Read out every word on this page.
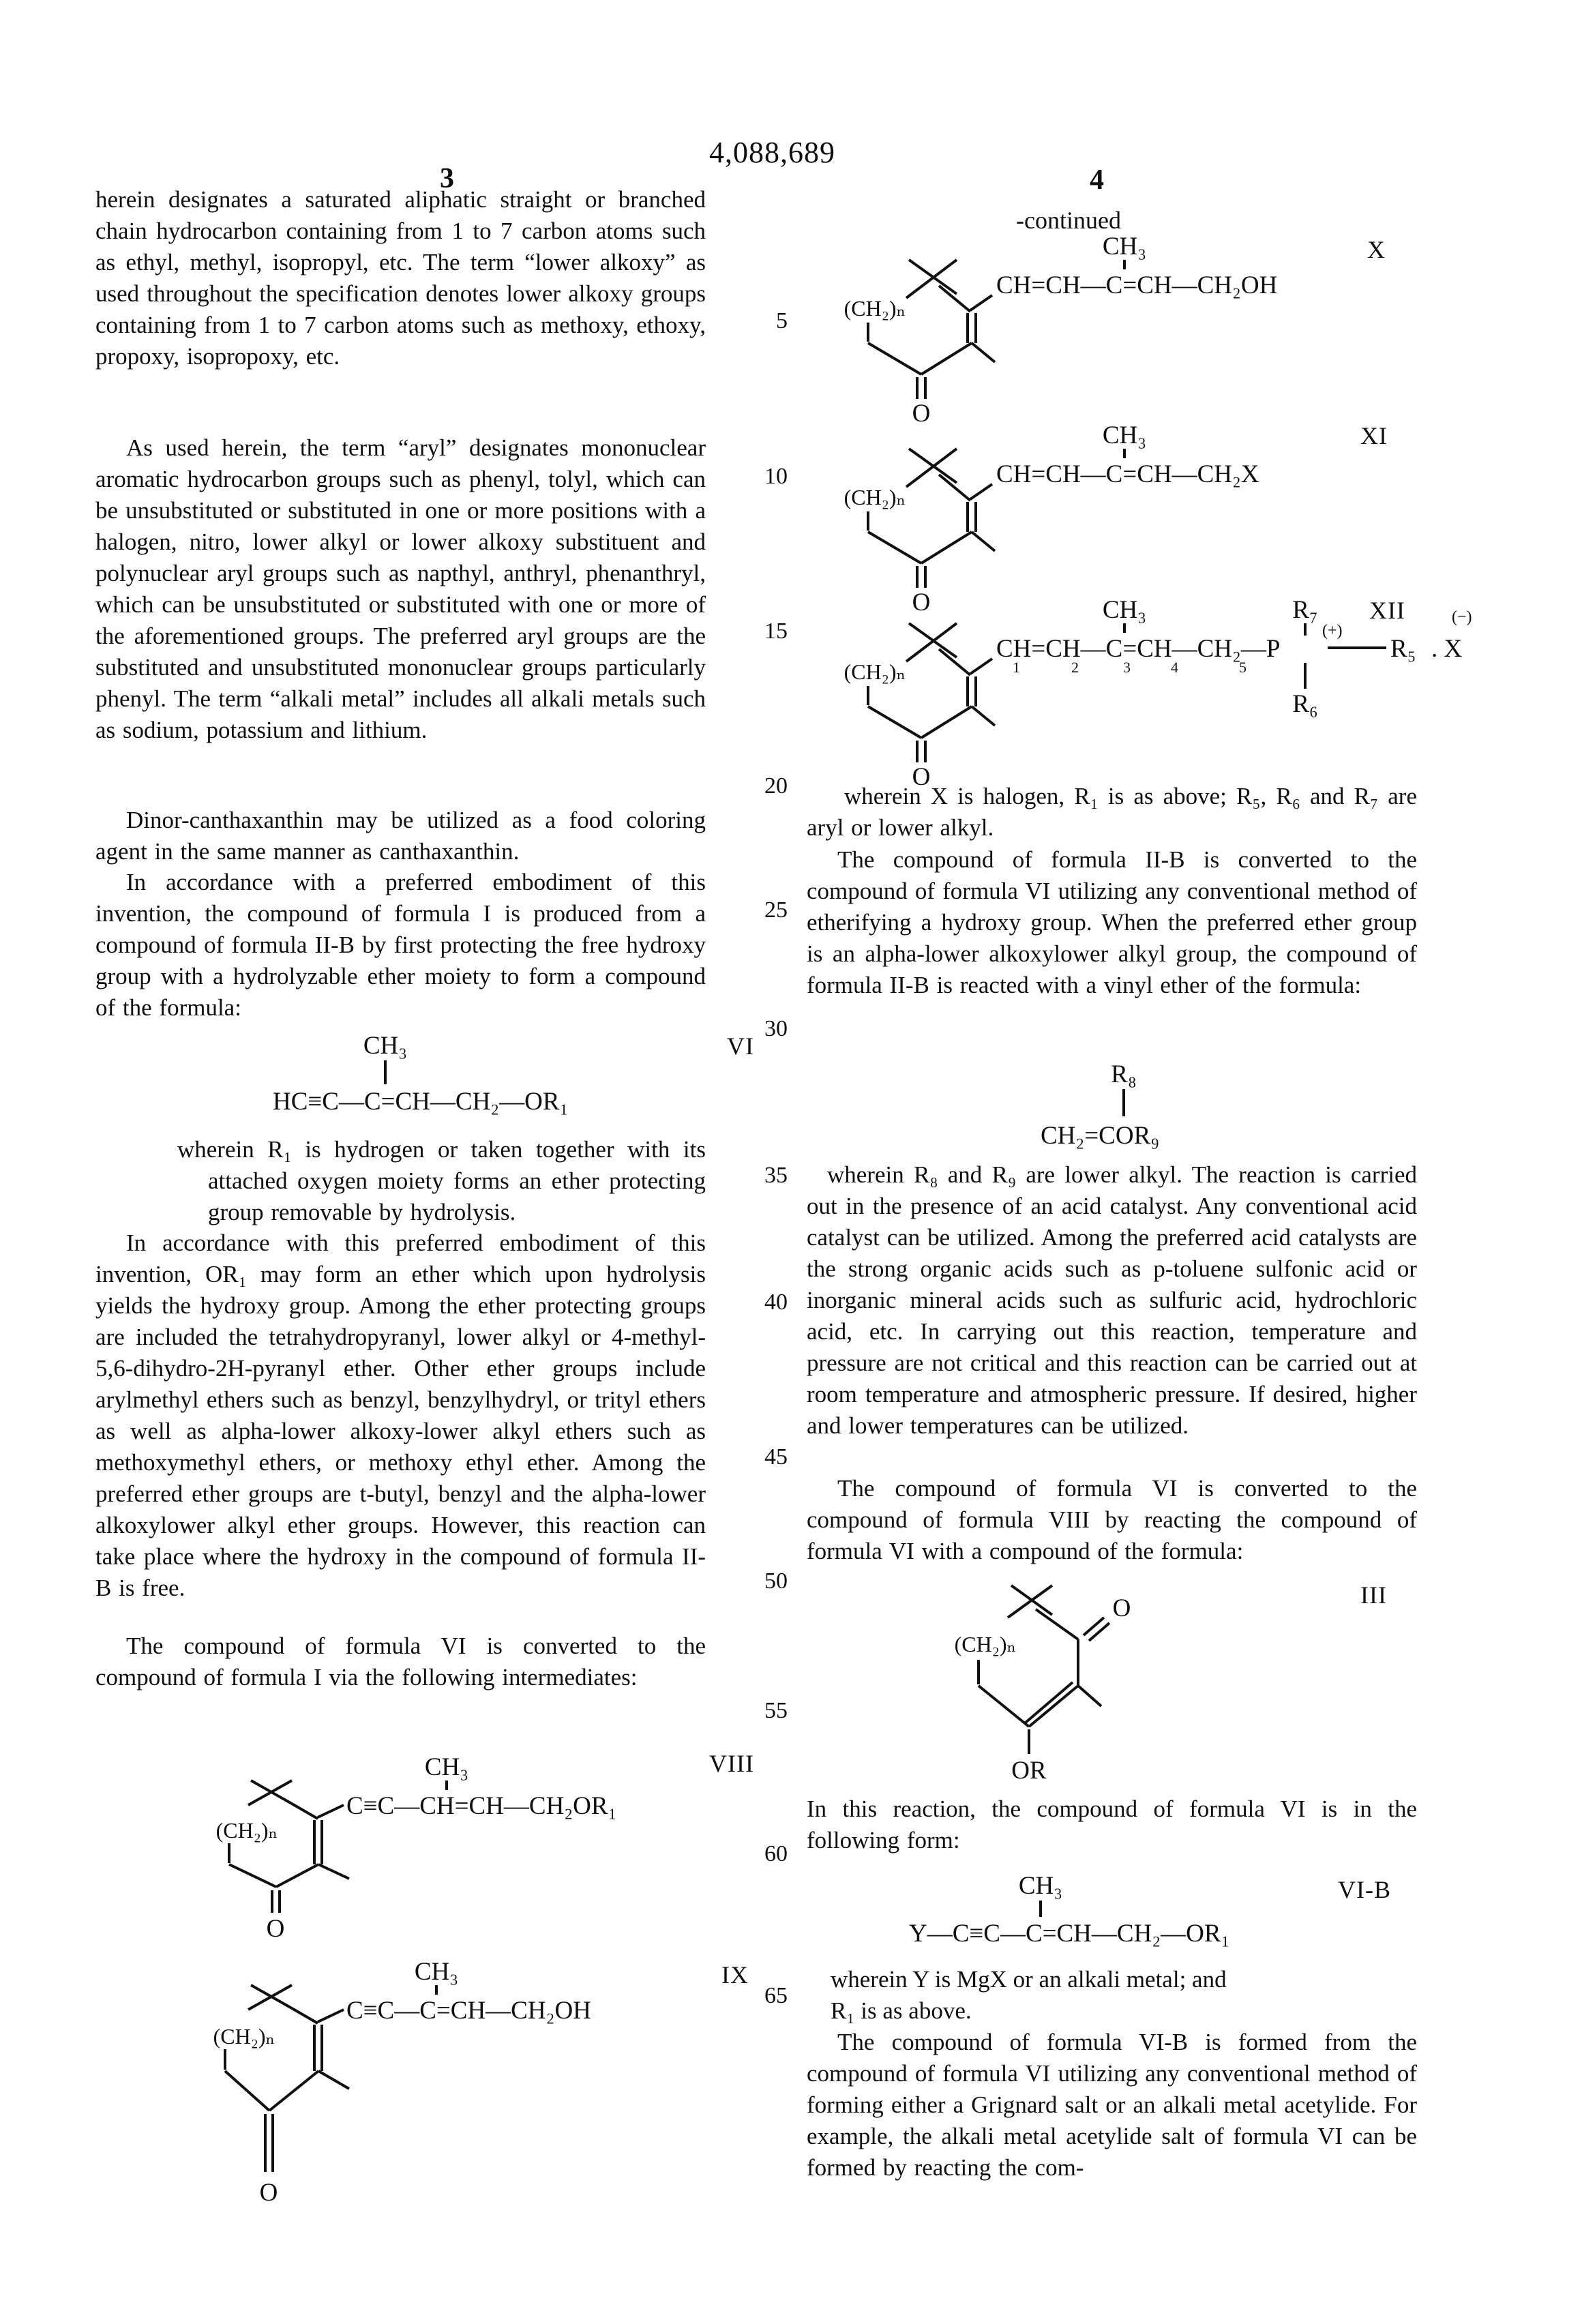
4,088,689
3	4
5
10
15
20
25
30
35
40
45
50
55
60
65
herein designates a saturated aliphatic straight or branched chain hydrocarbon containing from 1 to 7 carbon atoms such as ethyl, methyl, isopropyl, etc. The term “lower alkoxy” as used throughout the specification denotes lower alkoxy groups containing from 1 to 7 carbon atoms such as methoxy, ethoxy, propoxy, isopropoxy, etc.
As used herein, the term “aryl” designates mononuclear aromatic hydrocarbon groups such as phenyl, tolyl, which can be unsubstituted or substituted in one or more positions with a halogen, nitro, lower alkyl or lower alkoxy substituent and polynuclear aryl groups such as napthyl, anthryl, phenanthryl, which can be unsubstituted or substituted with one or more of the aforementioned groups. The preferred aryl groups are the substituted and unsubstituted mononuclear groups particularly phenyl. The term “alkali metal” includes all alkali metals such as sodium, potassium and lithium.
Dinor-canthaxanthin may be utilized as a food coloring agent in the same manner as canthaxanthin.
In accordance with a preferred embodiment of this invention, the compound of formula I is produced from a compound of formula II-B by first protecting the free hydroxy group with a hydrolyzable ether moiety to form a compound of the formula:
CH₃
HC≡C—C=CH—CH₂—OR₁
VI
wherein R₁ is hydrogen or taken together with its attached oxygen moiety forms an ether protecting group removable by hydrolysis.
In accordance with this preferred embodiment of this invention, OR₁ may form an ether which upon hydrolysis yields the hydroxy group. Among the ether protecting groups are included the tetrahydropyranyl, lower alkyl or 4-methyl-5,6-dihydro-2H-pyranyl ether. Other ether groups include arylmethyl ethers such as benzyl, benzylhydryl, or trityl ethers as well as alpha-lower alkoxy-lower alkyl ethers such as methoxymethyl ethers, or methoxy ethyl ether. Among the preferred ether groups are t-butyl, benzyl and the alpha-lower alkoxylower alkyl ether groups. However, this reaction can take place where the hydroxy in the compound of formula II-B is free.
The compound of formula VI is converted to the compound of formula I via the following intermediates:
CH₃
C≡C—CH=CH—CH₂OR₁
O
(CH₂)ₙ
VIII
CH₃
C≡C—C=CH—CH₂OH
O
(CH₂)ₙ
IX
-continued
CH₃
CH=CH—C=CH—CH₂OH
O
(CH₂)ₙ
X
CH₃
CH=CH—C=CH—CH₂X
O
(CH₂)ₙ
XI
CH₃	R₇
CH=CH—C=CH—CH₂—P
1	2	3	4	5
(+)
R₅ . X
(−)
R₆
O
(CH₂)ₙ
XII
wherein X is halogen, R₁ is as above; R₅, R₆ and R₇ are aryl or lower alkyl.
The compound of formula II-B is converted to the compound of formula VI utilizing any conventional method of etherifying a hydroxy group. When the preferred ether group is an alpha-lower alkoxylower alkyl group, the compound of formula II-B is reacted with a vinyl ether of the formula:
R₈
CH₂=COR₉
wherein R₈ and R₉ are lower alkyl. The reaction is carried out in the presence of an acid catalyst. Any conventional acid catalyst can be utilized. Among the preferred acid catalysts are the strong organic acids such as p-toluene sulfonic acid or inorganic mineral acids such as sulfuric acid, hydrochloric acid, etc. In carrying out this reaction, temperature and pressure are not critical and this reaction can be carried out at room temperature and atmospheric pressure. If desired, higher and lower temperatures can be utilized.
The compound of formula VI is converted to the compound of formula VIII by reacting the compound of formula VI with a compound of the formula:
O
OR
(CH₂)ₙ
III
In this reaction, the compound of formula VI is in the following form:
CH₃
Y—C≡C—C=CH—CH₂—OR₁
VI-B
wherein Y is MgX or an alkali metal; and
R₁ is as above.
The compound of formula VI-B is formed from the compound of formula VI utilizing any conventional method of forming either a Grignard salt or an alkali metal acetylide. For example, the alkali metal acetylide salt of formula VI can be formed by reacting the com-
